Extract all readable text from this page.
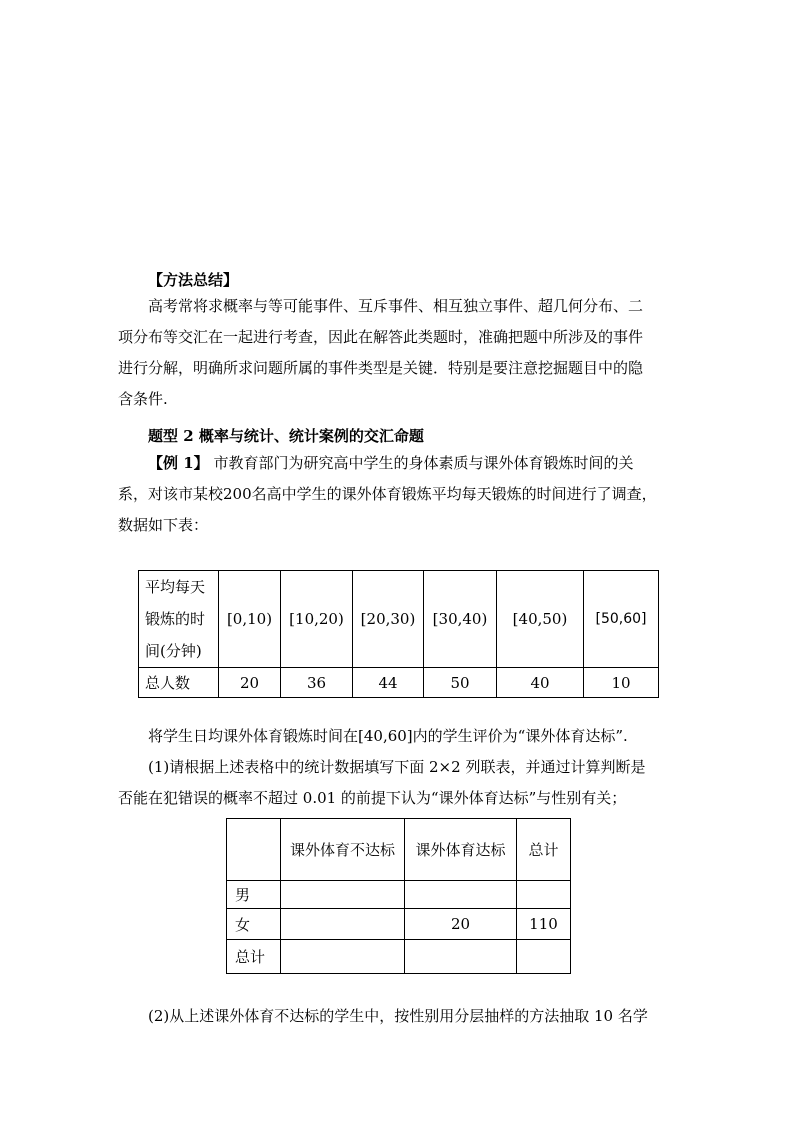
【方法总结】
高考常将求概率与等可能事件、互斥事件、相互独立事件、超几何分布、二
项分布等交汇在一起进行考查，因此在解答此类题时，准确把题中所涉及的事件
进行分解，明确所求问题所属的事件类型是关键．特别是要注意挖掘题目中的隐
含条件.
题型 2 概率与统计、统计案例的交汇命题
【例 1】 市教育部门为研究高中学生的身体素质与课外体育锻炼时间的关
系，对该市某校200名高中学生的课外体育锻炼平均每天锻炼的时间进行了调查，
数据如下表：
平均每天
锻炼的时
间(分钟)	[0,10)	[10,20)	[20,30)	[30,40)	[40,50)	[50,60]
总人数	20	36	44	50	40	10
将学生日均课外体育锻炼时间在[40,60]内的学生评价为“课外体育达标”.
(1)请根据上述表格中的统计数据填写下面 2×2 列联表，并通过计算判断是
否能在犯错误的概率不超过 0.01 的前提下认为“课外体育达标”与性别有关；
	课外体育不达标	课外体育达标	总计
男			
女		20	110
总计			
(2)从上述课外体育不达标的学生中，按性别用分层抽样的方法抽取 10 名学
